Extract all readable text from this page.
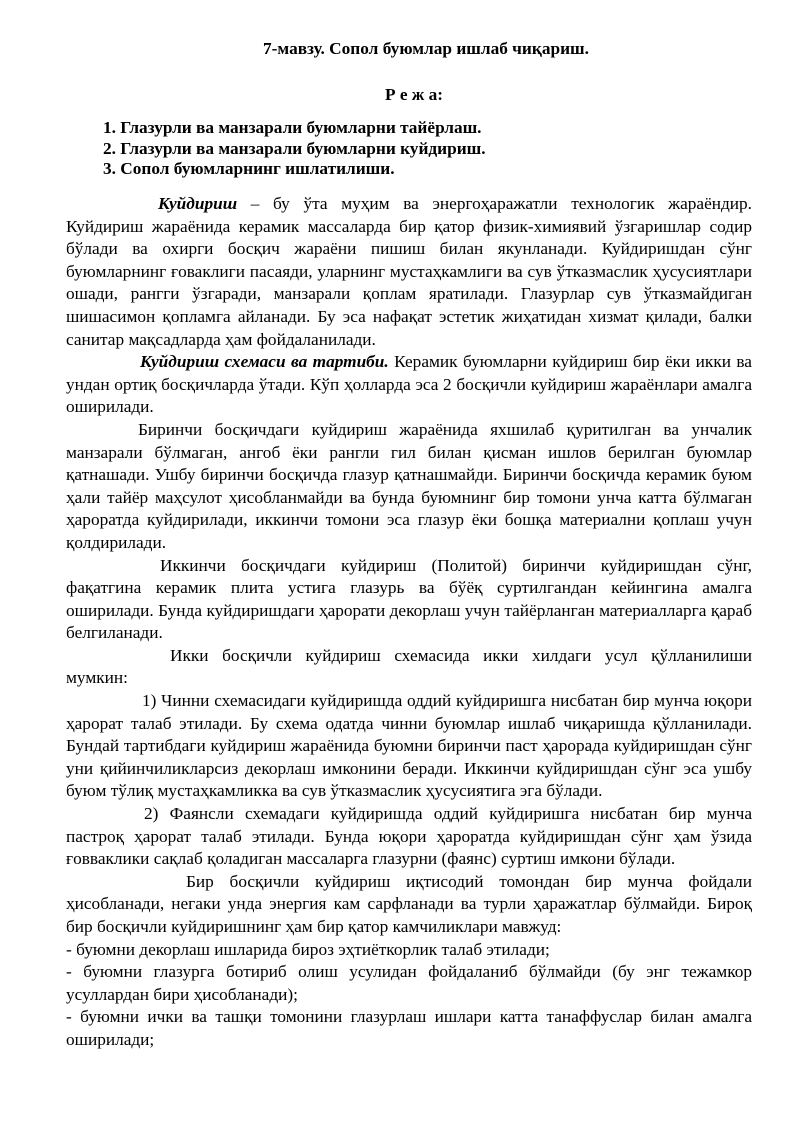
7-мавзу. Сопол буюмлар ишлаб чиқариш.
Р е ж а:
1. Глазурли ва манзарали буюмларни тайёрлаш.
2. Глазурли ва манзарали буюмларни куйдириш.
3. Сопол буюмларнинг ишлатилиши.

Куйдириш – бу ўта муҳим ва энергоҳаражатли технологик жараёндир. Куйдириш жараёнида керамик массаларда бир қатор физик-химиявий ўзгаришлар содир бўлади ва охирги босқич жараёни пишиш билан якунланади. Куйдиришдан сўнг буюмларнинг ғоваклиги пасаяди, уларнинг мустаҳкамлиги ва сув ўтказмаслик ҳусусиятлари ошади, рангги ўзгаради, манзарали қоплам яратилади. Глазурлар сув ўтказмайдиган шишасимон қопламга айланади. Бу эса нафақат эстетик жиҳатидан хизмат қилади, балки санитар мақсадларда ҳам фойдаланилади.

Куйдириш схемаси ва тартиби. Керамик буюмларни куйдириш бир ёки икки ва ундан ортиқ босқичларда ўтади. Кўп ҳолларда эса 2 босқичли куйдириш жараёнлари амалга оширилади.

Биринчи босқичдаги куйдириш жараёнида яхшилаб қуритилган ва унчалик манзарали бўлмаган, ангоб ёки рангли гил билан қисман ишлов берилган буюмлар қатнашади. Ушбу биринчи босқичда глазур қатнашмайди. Биринчи босқичда керамик буюм ҳали тайёр маҳсулот ҳисобланмайди ва бунда буюмнинг бир томони унча катта бўлмаган ҳароратда куйдирилади, иккинчи томони эса глазур ёки бошқа материални қоплаш учун қолдирилади.

Иккинчи босқичдаги куйдириш (Политой) биринчи куйдиришдан сўнг, фақатгина керамик плита устига глазурь ва бўёқ суртилгандан кейингина амалга оширилади. Бунда куйдиришдаги ҳарорати декорлаш учун тайёрланган материалларга қараб белгиланади.

Икки босқичли куйдириш схемасида икки хилдаги усул қўлланилиши мумкин:

1) Чинни схемасидаги куйдиришда оддий куйдиришга нисбатан бир мунча юқори ҳарорат талаб этилади. Бу схема одатда чинни буюмлар ишлаб чиқаришда қўлланилади. Бундай тартибдаги куйдириш жараёнида буюмни биринчи паст ҳарорада куйдиришдан сўнг уни қийинчиликларсиз декорлаш имконини беради. Иккинчи куйдиришдан сўнг эса ушбу буюм тўлиқ мустаҳкамликка ва сув ўтказмаслик ҳусусиятига эга бўлади.

2) Фаянсли схемадаги куйдиришда оддий куйдиришга нисбатан бир мунча пастроқ ҳарорат талаб этилади. Бунда юқори ҳароратда куйдиришдан сўнг ҳам ўзида ғовваклики сақлаб қоладиган массаларга глазурни (фаянс) суртиш имкони бўлади.

Бир босқичли куйдириш иқтисодий томондан бир мунча фойдали ҳисобланади, негаки унда энергия кам сарфланади ва турли ҳаражатлар бўлмайди. Бироқ бир босқичли куйдиришнинг ҳам бир қатор камчиликлари мавжуд:

- буюмни декорлаш ишларида бироз эҳтиёткорлик талаб этилади;

- буюмни глазурга ботириб олиш усулидан фойдаланиб бўлмайди (бу энг тежамкор усуллардан бири ҳисобланади);

- буюмни ички ва ташқи томонини глазурлаш ишлари катта танаффуслар билан амалга оширилади;
